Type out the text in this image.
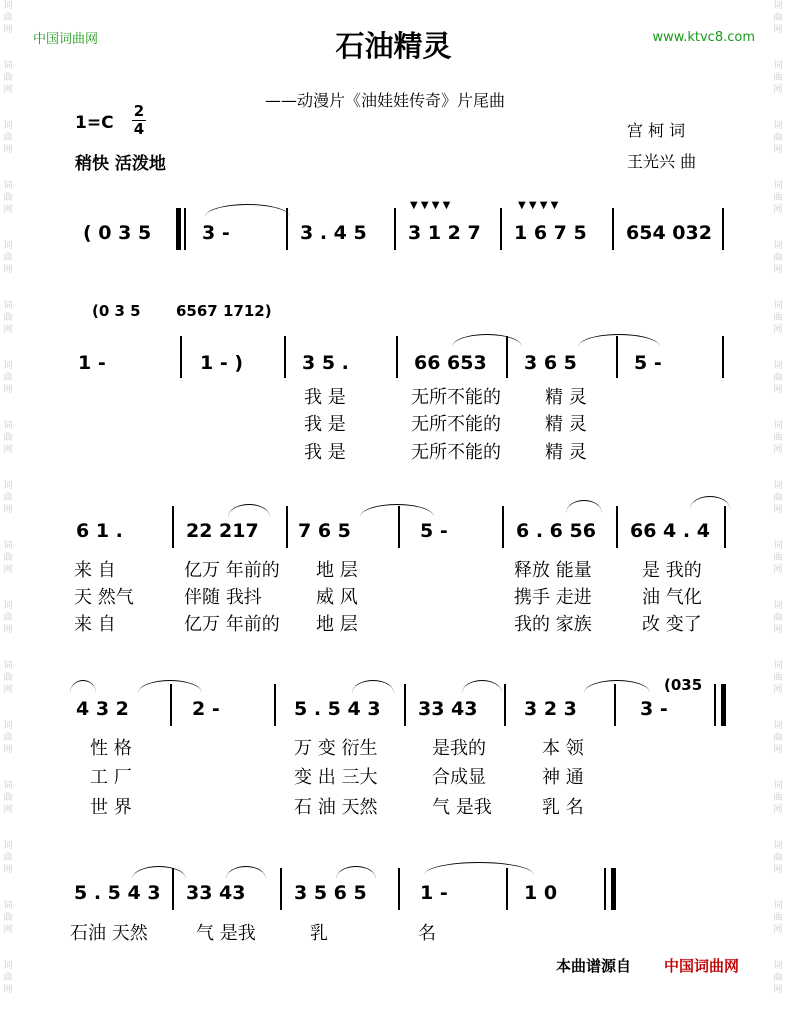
词
曲
网
词
曲
网
词
曲
网
词
曲
网
词
曲
网
词
曲
网
词
曲
网
词
曲
网
词
曲
网
词
曲
网
词
曲
网
词
曲
网
词
曲
网
词
曲
网
词
曲
网
词
曲
网
词
曲
网
词
曲
网
词
曲
网
词
曲
网
词
曲
网
词
曲
网
词
曲
网
词
曲
网
词
曲
网
词
曲
网
词
曲
网
词
曲
网
词
曲
网
词
曲
网
词
曲
网
词
曲
网
词
曲
网
词
曲
网
中国词曲网	www.ktvc8.com
石油精灵
——动漫片《油娃娃传奇》片尾曲
1=C
2
4
稍快 活泼地
宫 柯 词
王光兴 曲
( 0 3 5	3 -	3 . 4 5 3 1 2 7
▼ ▼ ▼ ▼
1 6 7 5
▼ ▼ ▼ ▼
654 032
(0 3 5 6567 1712)
1 -	1 - )	3 5 .	66 653 3 6 5	5 -
我 是	无所不能的 精 灵
我 是	无所不能的 精 灵
我 是	无所不能的 精 灵
6 1 .	22 217 7 6 5	5 -	6 . 6 56 66 4 . 4
来 自	亿万 年前的 地 层	释放 能量	是 我的
天 然气	伴随 我抖	威 风	携手 走进	油 气化
来 自	亿万 年前的 地 层	我的 家族	改 变了
4 3 2	2 -	5 . 5 4 3 33 43 3 2 3	3 -
(035
性 格	万 变 衍生	是我的	本 领
工 厂	变 出 三大	合成显	神 通
世 界	石 油 天然	气 是我	乳 名
5 . 5 4 3 33 43	3 5 6 5	1 -	1 0
石油 天然	气 是我	乳	名
本曲谱源自 中国词曲网
